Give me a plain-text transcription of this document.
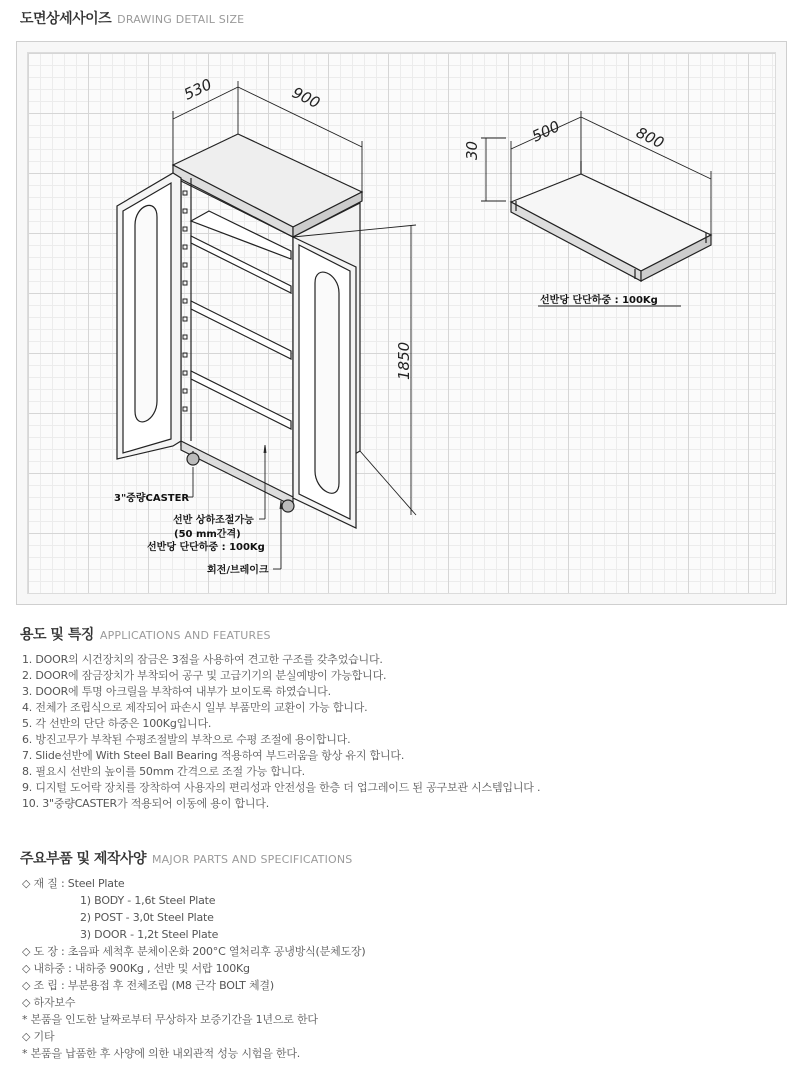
도면상세사이즈 DRAWING DETAIL SIZE
530	900
1850
30
500	800
3"중량CASTER
선반 상하조절가능
(50 mm간격)
선반당 단단하중 : 100Kg
회전/브레이크
선반당 단단하중 : 100Kg
용도 및 특징 APPLICATIONS AND FEATURES
1. DOOR의 시건장치의 잠금은 3점을 사용하여 견고한 구조를 갖추었습니다.
2. DOOR에 잠금장치가 부착되어 공구 및 고급기기의 분실예방이 가능합니다.
3. DOOR에 투명 아크릴을 부착하여 내부가 보이도록 하였습니다.
4. 전체가 조립식으로 제작되어 파손시 일부 부품만의 교환이 가능 합니다.
5. 각 선반의 단단 하중은 100Kg입니다.
6. 방진고무가 부착된 수평조절발의 부착으로 수평 조절에 용이합니다.
7. Slide선반에 With Steel Ball Bearing 적용하여 부드러움을 항상 유지 합니다.
8. 필요시 선반의 높이를 50mm 간격으로 조절 가능 합니다.
9. 디지털 도어락 장치를 장착하여 사용자의 편리성과 안전성을 한층 더 업그레이드 된 공구보관 시스템입니다 .
10. 3"중량CASTER가 적용되어 이동에 용이 합니다.
주요부품 및 제작사양 MAJOR PARTS AND SPECIFICATIONS
◇ 재 질 : Steel Plate
1) BODY - 1,6t Steel Plate
2) POST - 3,0t Steel Plate
3) DOOR - 1,2t Steel Plate
◇ 도 장 : 초음파 세척후 분체이온화 200°C 열처리후 공냉방식(분체도장)
◇ 내하중 : 내하중 900Kg , 선반 및 서랍 100Kg
◇ 조 립 : 부분용접 후 전체조립 (M8 근각 BOLT 체결)
◇ 하자보수
* 본품을 인도한 날짜로부터 무상하자 보증기간을 1년으로 한다
◇ 기타
* 본품을 납품한 후 사양에 의한 내외관적 성능 시험을 한다.
